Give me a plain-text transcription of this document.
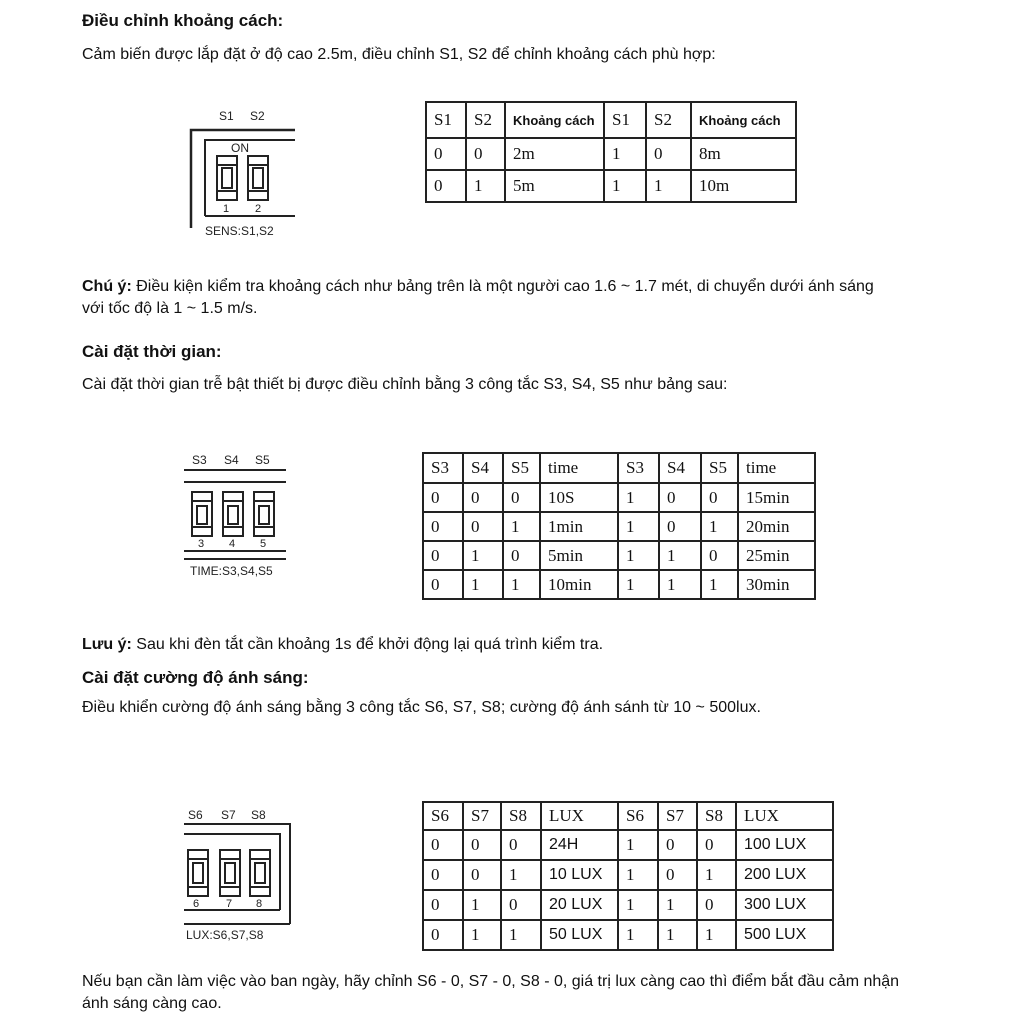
Điều chỉnh khoảng cách:
Cảm biến được lắp đặt ở độ cao 2.5m, điều chỉnh S1, S2 để chỉnh khoảng cách phù hợp:
S1 S2
ON
1 2
SENS:S1,S2
S1	S2	Khoảng cách	S1	S2	Khoảng cách
0	0	2m	1	0	8m
0	1	5m	1	1	10m
Chú ý: Điều kiện kiểm tra khoảng cách như bảng trên là một người cao 1.6 ~ 1.7 mét, di chuyển dưới ánh sáng
với tốc độ là 1 ~ 1.5 m/s.
Cài đặt thời gian:
Cài đặt thời gian trễ bật thiết bị được điều chỉnh bằng 3 công tắc S3, S4, S5 như bảng sau:
S3 S4 S5
3 4 5
TIME:S3,S4,S5
S3	S4	S5	time	S3	S4	S5	time
0	0	0	10S	1	0	0	15min
0	0	1	1min	1	0	1	20min
0	1	0	5min	1	1	0	25min
0	1	1	10min	1	1	1	30min
Lưu ý: Sau khi đèn tắt cần khoảng 1s để khởi động lại quá trình kiểm tra.
Cài đặt cường độ ánh sáng:
Điều khiển cường độ ánh sáng bằng 3 công tắc S6, S7, S8; cường độ ánh sánh từ 10 ~ 500lux.
S6 S7 S8
6 7 8
LUX:S6,S7,S8
S6	S7	S8	LUX	S6	S7	S8	LUX
0	0	0	24H	1	0	0	100 LUX
0	0	1	10 LUX	1	0	1	200 LUX
0	1	0	20 LUX	1	1	0	300 LUX
0	1	1	50 LUX	1	1	1	500 LUX
Nếu bạn cần làm việc vào ban ngày, hãy chỉnh S6 - 0, S7 - 0, S8 - 0, giá trị lux càng cao thì điểm bắt đầu cảm nhận
ánh sáng càng cao.
